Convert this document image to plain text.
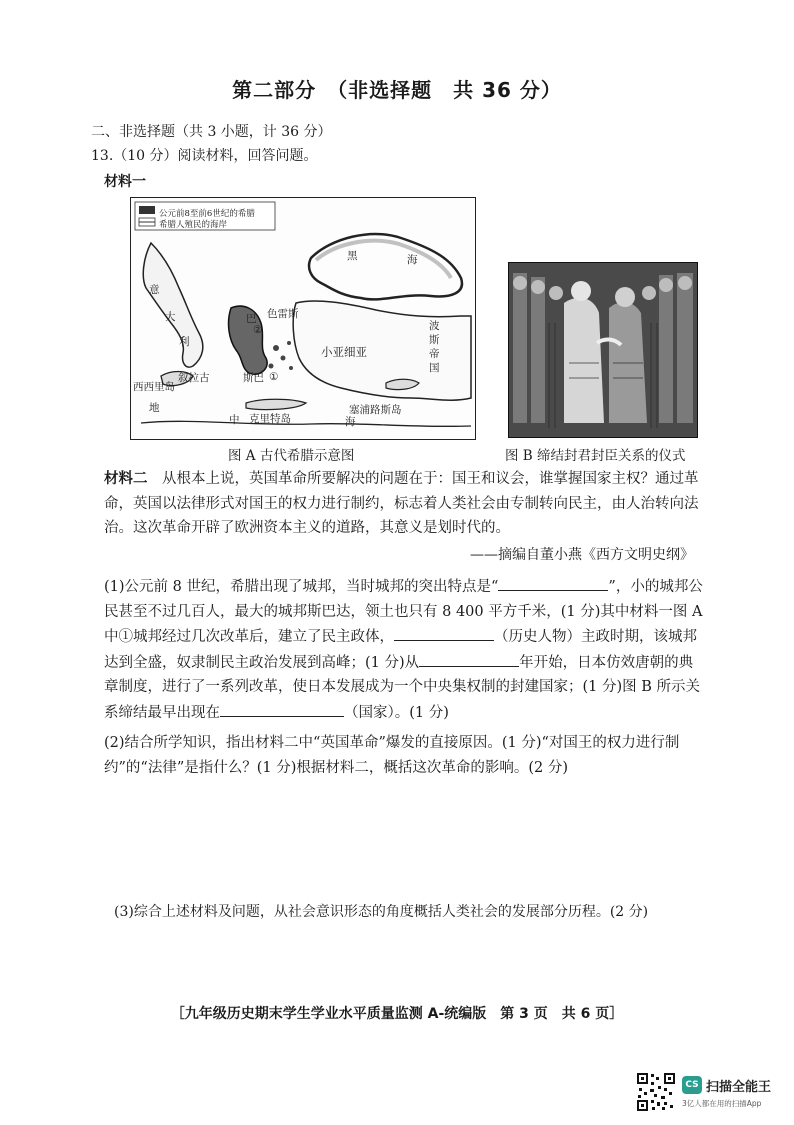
第二部分　（非选择题　共 36 分）
二、非选择题（共 3 小题，计 36 分）
13.（10 分）阅读材料，回答问题。
材料一
公元前8至前6世纪的希腊
希腊人殖民的海岸
黑	海
意
大
利
叙拉古
西西里岛
地
中	海
克里特岛
塞浦路斯岛
小亚细亚
色雷斯
巴
波
斯
帝
国
斯巴 ①
②
图 A 古代希腊示意图	图 B 缔结封君封臣关系的仪式
材料二　 从根本上说，英国革命所要解决的问题在于：国王和议会，谁掌握国家主权？通过革命，英国以法律形式对国王的权力进行制约，标志着人类社会由专制转向民主，由人治转向法治。这次革命开辟了欧洲资本主义的道路，其意义是划时代的。
——摘编自董小燕《西方文明史纲》
(1)公元前 8 世纪，希腊出现了城邦，当时城邦的突出特点是“	”，小的城邦公民甚至不过几百人，最大的城邦斯巴达，领土也只有 8 400 平方千米，(1 分)其中材料一图 A 中①城邦经过几次改革后，建立了民主政体，	（历史人物）主政时期，该城邦达到全盛，奴隶制民主政治发展到高峰；(1 分)从	年开始，日本仿效唐朝的典章制度，进行了一系列改革，使日本发展成为一个中央集权制的封建国家；(1 分)图 B 所示关系缔结最早出现在	（国家）。(1 分)
(2)结合所学知识，指出材料二中“英国革命”爆发的直接原因。(1 分)“对国王的权力进行制约”的“法律”是指什么？(1 分)根据材料二，概括这次革命的影响。(2 分)
(3)综合上述材料及问题，从社会意识形态的角度概括人类社会的发展部分历程。(2 分)
［九年级历史期末学生学业水平质量监测 A-统编版　第 3 页　共 6 页］
CS 扫描全能王
3亿人都在用的扫描App
